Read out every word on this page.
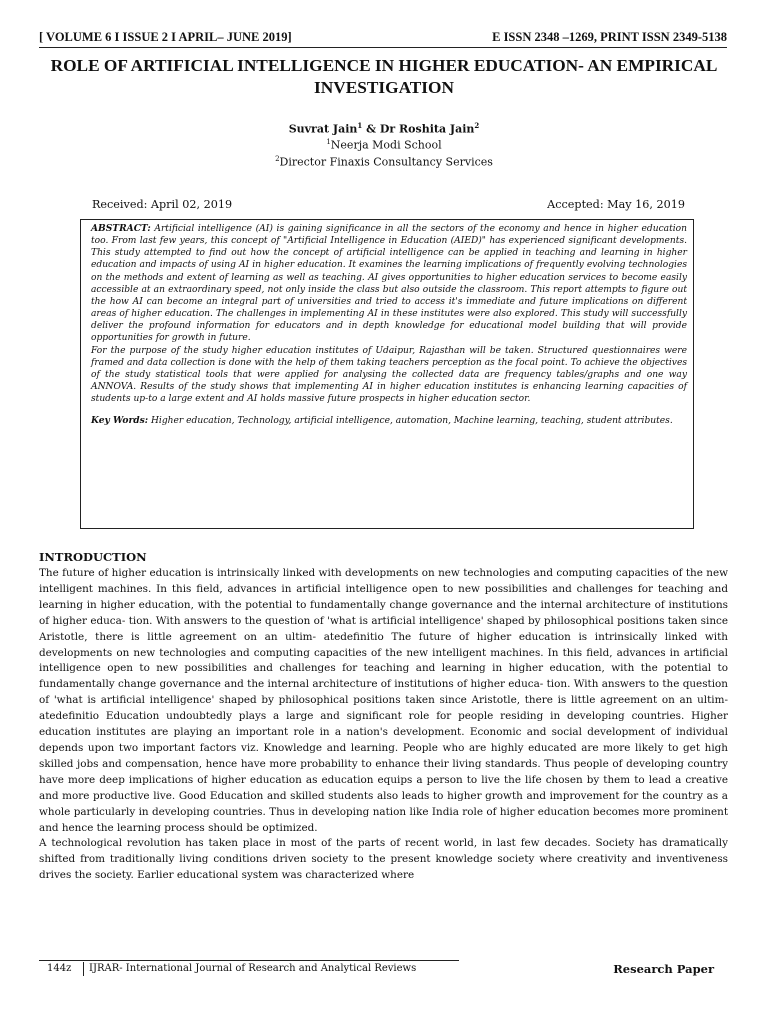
[ VOLUME 6 I ISSUE 2 I APRIL– JUNE 2019]	E ISSN 2348 –1269, PRINT ISSN 2349-5138
ROLE OF ARTIFICIAL INTELLIGENCE IN HIGHER EDUCATION- AN EMPIRICAL INVESTIGATION
Suvrat Jain$^1$ & Dr Roshita Jain$^2$
$^1$Neerja Modi School
$^2$Director Finaxis Consultancy Services
Received: April 02, 2019	Accepted: May 16, 2019

ABSTRACT: Artificial intelligence (AI) is gaining significance in all the sectors of the economy and hence in higher education too. From last few years, this concept of "Artificial Intelligence in Education (AIED)" has experienced significant developments. This study attempted to find out how the concept of artificial intelligence can be applied in teaching and learning in higher education and impacts of using AI in higher education. It examines the learning implications of frequently evolving technologies on the methods and extent of learning as well as teaching. AI gives opportunities to higher education services to become easily accessible at an extraordinary speed, not only inside the class but also outside the classroom. This report attempts to figure out the how AI can become an integral part of universities and tried to access it's immediate and future implications on different areas of higher education. The challenges in implementing AI in these institutes were also explored. This study will successfully deliver the profound information for educators and in depth knowledge for educational model building that will provide opportunities for growth in future.

For the purpose of the study higher education institutes of Udaipur, Rajasthan will be taken. Structured questionnaires were framed and data collection is done with the help of them taking teachers perception as the focal point. To achieve the objectives of the study statistical tools that were applied for analysing the collected data are frequency tables/graphs and one way ANNOVA. Results of the study shows that implementing AI in higher education institutes is enhancing learning capacities of students up-to a large extent and AI holds massive future prospects in higher education sector.

Key Words: Higher education, Technology, artificial intelligence, automation, Machine learning, teaching, student attributes.

INTRODUCTION

The future of higher education is intrinsically linked with developments on new technologies and computing capacities of the new intelligent machines. In this field, advances in artificial intelligence open to new possibilities and challenges for teaching and learning in higher education, with the potential to fundamentally change governance and the internal architecture of institutions of higher educa- tion. With answers to the question of 'what is artificial intelligence' shaped by philosophical positions taken since Aristotle, there is little agreement on an ultim- atedefinitio The future of higher education is intrinsically linked with developments on new technologies and computing capacities of the new intelligent machines. In this field, advances in artificial intelligence open to new possibilities and challenges for teaching and learning in higher education, with the potential to fundamentally change governance and the internal architecture of institutions of higher educa- tion. With answers to the question of 'what is artificial intelligence' shaped by philosophical positions taken since Aristotle, there is little agreement on an ultim- atedefinitio Education undoubtedly plays a large and significant role for people residing in developing countries. Higher education institutes are playing an important role in a nation's development. Economic and social development of individual depends upon two important factors viz. Knowledge and learning. People who are highly educated are more likely to get high skilled jobs and compensation, hence have more probability to enhance their living standards. Thus people of developing country have more deep implications of higher education as education equips a person to live the life chosen by them to lead a creative and more productive live. Good Education and skilled students also leads to higher growth and improvement for the country as a whole particularly in developing countries. Thus in developing nation like India role of higher education becomes more prominent and hence the learning process should be optimized.

A technological revolution has taken place in most of the parts of recent world, in last few decades. Society has dramatically shifted from traditionally living conditions driven society to the present knowledge society where creativity and inventiveness drives the society. Earlier educational system was characterized where

144z IJRAR- International Journal of Research and Analytical Reviews	Research Paper
